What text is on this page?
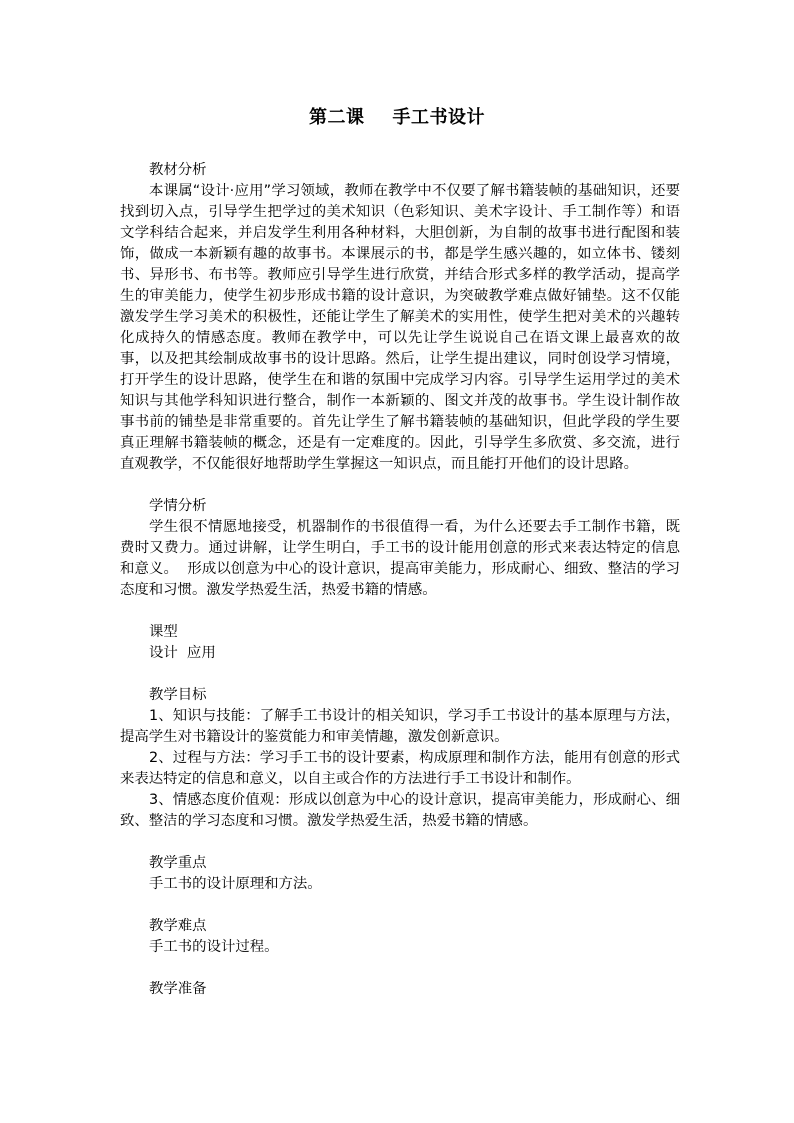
第二课 手工书设计
教材分析
本课属“设计·应用”学习领域，教师在教学中不仅要了解书籍装帧的基础知识，还要找到切入点，引导学生把学过的美术知识（色彩知识、美术字设计、手工制作等）和语文学科结合起来，并启发学生利用各种材料，大胆创新，为自制的故事书进行配图和装饰，做成一本新颖有趣的故事书。本课展示的书，都是学生感兴趣的，如立体书、镂刻书、异形书、布书等。教师应引导学生进行欣赏，并结合形式多样的教学活动，提高学生的审美能力，使学生初步形成书籍的设计意识，为突破教学难点做好铺垫。这不仅能激发学生学习美术的积极性，还能让学生了解美术的实用性，使学生把对美术的兴趣转化成持久的情感态度。教师在教学中，可以先让学生说说自己在语文课上最喜欢的故事，以及把其绘制成故事书的设计思路。然后，让学生提出建议，同时创设学习情境，打开学生的设计思路，使学生在和谐的氛围中完成学习内容。引导学生运用学过的美术知识与其他学科知识进行整合，制作一本新颖的、图文并茂的故事书。学生设计制作故事书前的铺垫是非常重要的。首先让学生了解书籍装帧的基础知识，但此学段的学生要真正理解书籍装帧的概念，还是有一定难度的。因此，引导学生多欣赏、多交流，进行直观教学，不仅能很好地帮助学生掌握这一知识点，而且能打开他们的设计思路。
学情分析
学生很不情愿地接受，机器制作的书很值得一看，为什么还要去手工制作书籍，既费时又费力。通过讲解，让学生明白，手工书的设计能用创意的形式来表达特定的信息和意义。  形成以创意为中心的设计意识，提高审美能力，形成耐心、细致、整洁的学习态度和习惯。激发学热爱生活，热爱书籍的情感。
课型
设计  应用
教学目标
1、知识与技能：了解手工书设计的相关知识，学习手工书设计的基本原理与方法，提高学生对书籍设计的鉴赏能力和审美情趣，激发创新意识。
2、过程与方法：学习手工书的设计要素，构成原理和制作方法，能用有创意的形式来表达特定的信息和意义，以自主或合作的方法进行手工书设计和制作。
3、情感态度价值观：形成以创意为中心的设计意识，提高审美能力，形成耐心、细致、整洁的学习态度和习惯。激发学热爱生活，热爱书籍的情感。
教学重点
手工书的设计原理和方法。
教学难点
手工书的设计过程。
教学准备
